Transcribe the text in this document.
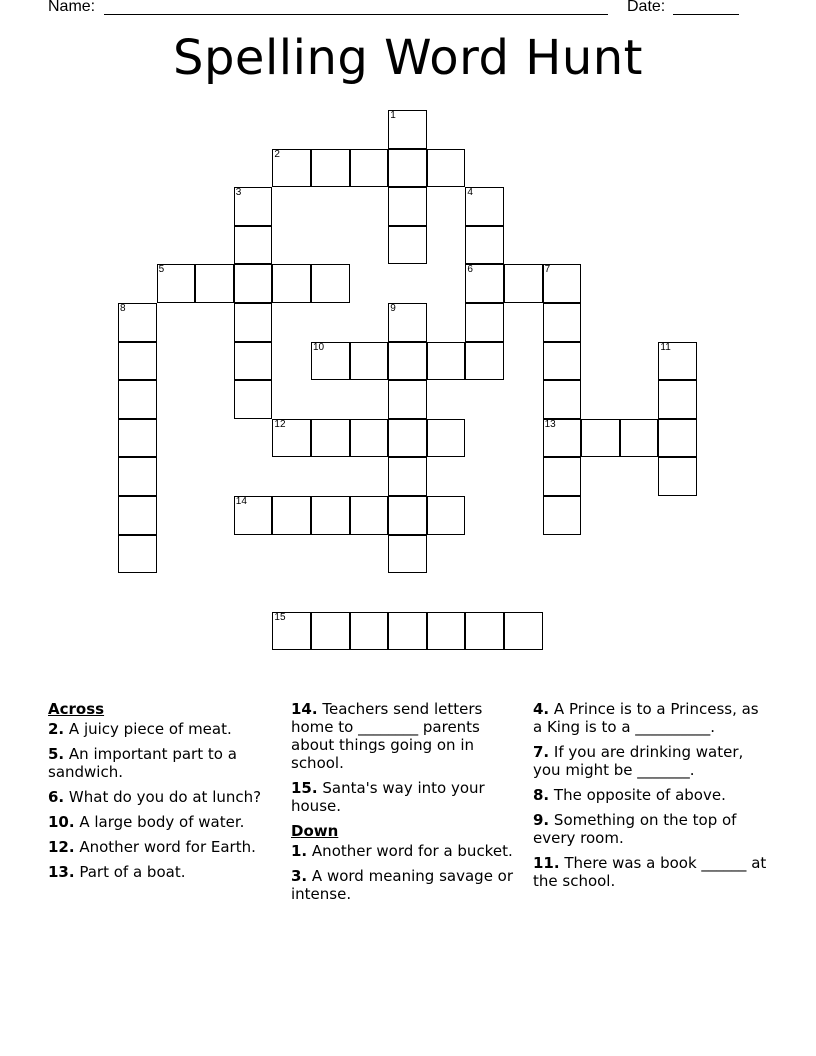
Name:	Date:
Spelling Word Hunt
1
2
3	4
5	6	7
8	9
10	11
12	13
14
15
Across
2. A juicy piece of meat.
5. An important part to a sandwich.
6. What do you do at lunch?
10. A large body of water.
12. Another word for Earth.
13. Part of a boat.
14. Teachers send letters home to ________ parents about things going on in school.
15. Santa's way into your house.
Down
1. Another word for a bucket.
3. A word meaning savage or intense.
4. A Prince is to a Princess, as a King is to a __________.
7. If you are drinking water, you might be _______.
8. The opposite of above.
9. Something on the top of every room.
11. There was a book ______ at the school.
